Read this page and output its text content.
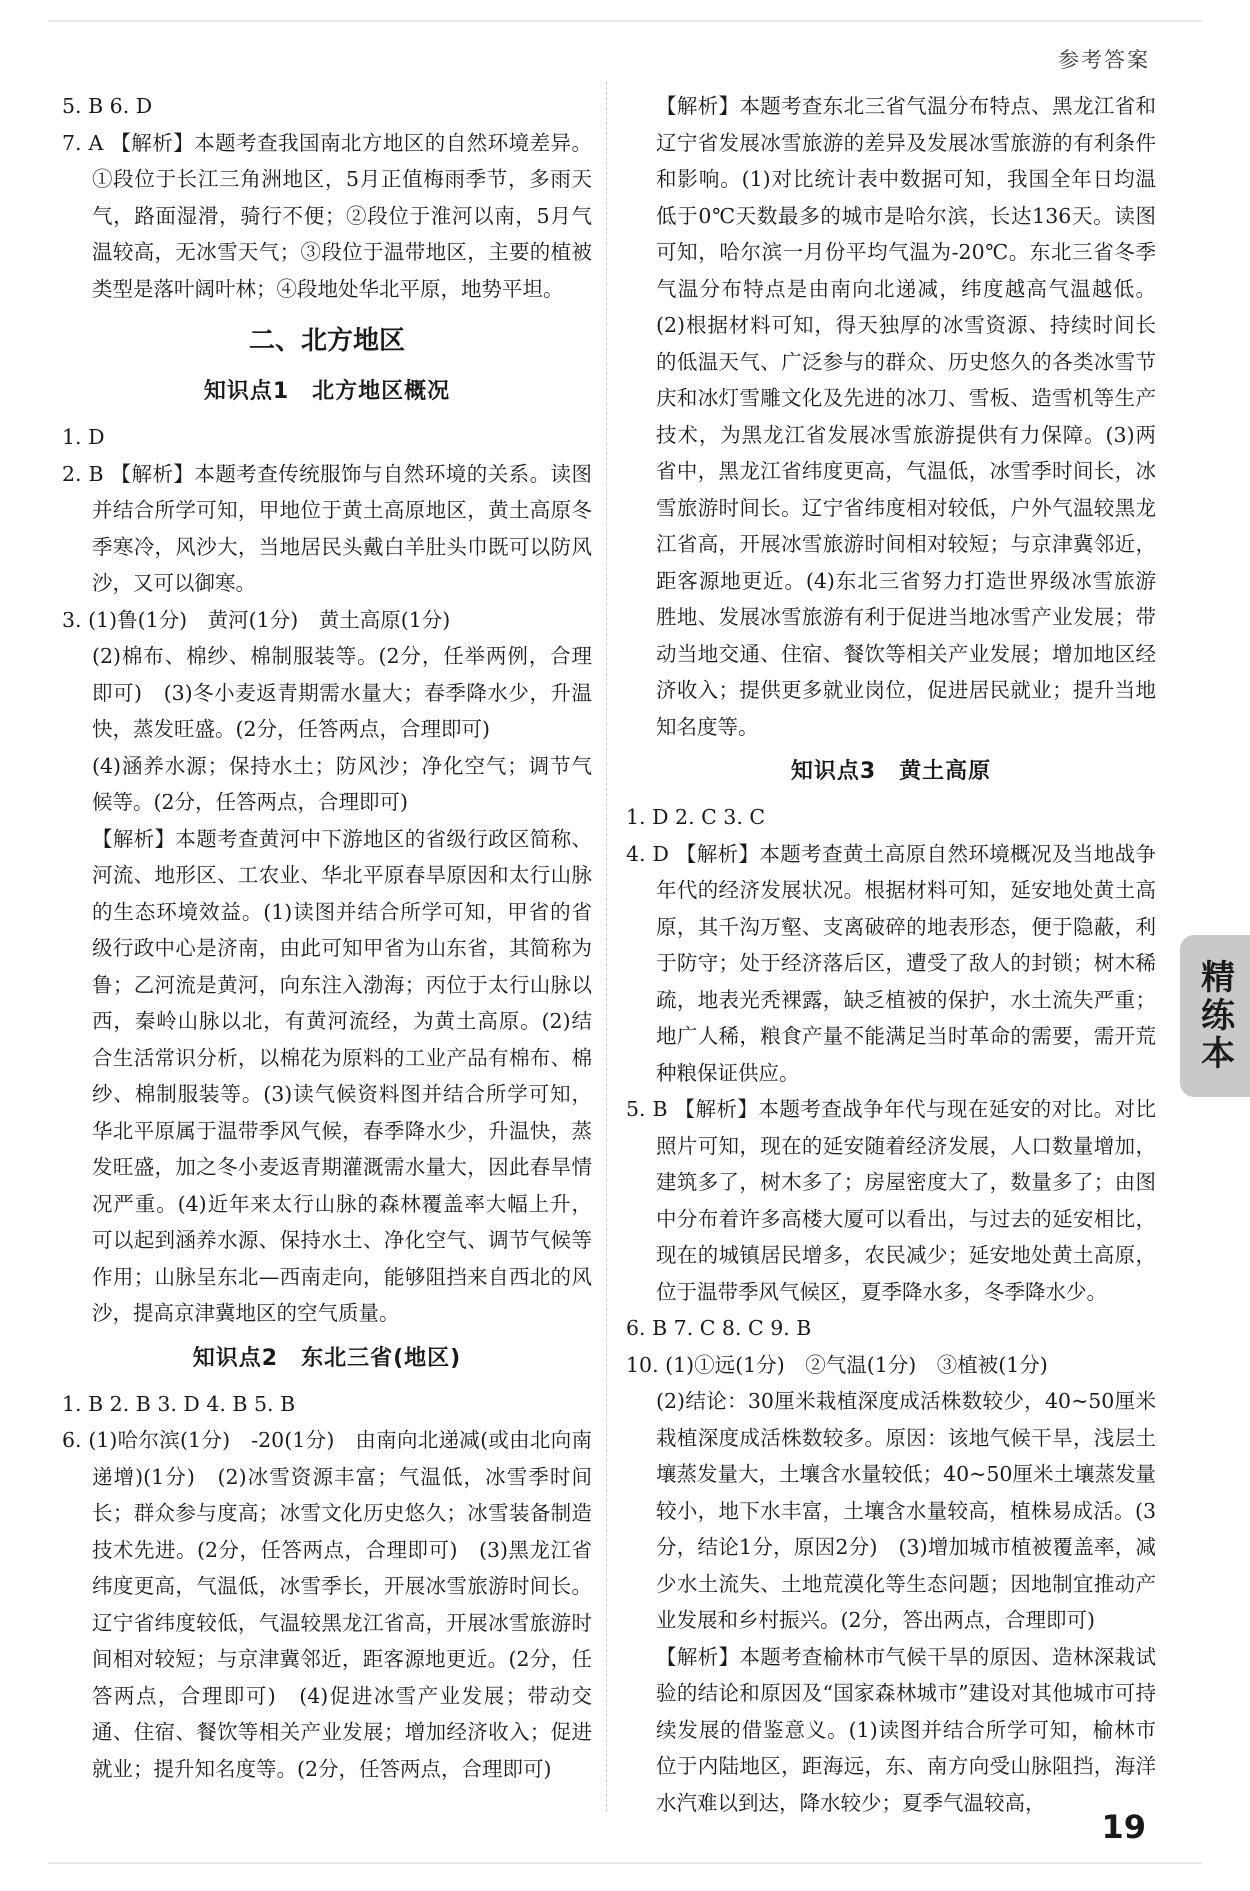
参考答案

5. B 6. D

7. A 【解析】本题考查我国南北方地区的自然环境差异。①段位于长江三角洲地区，5月正值梅雨季节，多雨天气，路面湿滑，骑行不便；②段位于淮河以南，5月气温较高，无冰雪天气；③段位于温带地区，主要的植被类型是落叶阔叶林；④段地处华北平原，地势平坦。

二、北方地区
知识点1　北方地区概况

1. D

2. B 【解析】本题考查传统服饰与自然环境的关系。读图并结合所学可知，甲地位于黄土高原地区，黄土高原冬季寒冷，风沙大，当地居民头戴白羊肚头巾既可以防风沙，又可以御寒。

3. (1)鲁(1分)　黄河(1分)　黄土高原(1分)

(2)棉布、棉纱、棉制服装等。(2分，任举两例，合理即可)　(3)冬小麦返青期需水量大；春季降水少，升温快，蒸发旺盛。(2分，任答两点，合理即可)

(4)涵养水源；保持水土；防风沙；净化空气；调节气候等。(2分，任答两点，合理即可)

【解析】本题考查黄河中下游地区的省级行政区简称、河流、地形区、工农业、华北平原春旱原因和太行山脉的生态环境效益。(1)读图并结合所学可知，甲省的省级行政中心是济南，由此可知甲省为山东省，其简称为鲁；乙河流是黄河，向东注入渤海；丙位于太行山脉以西，秦岭山脉以北，有黄河流经，为黄土高原。(2)结合生活常识分析，以棉花为原料的工业产品有棉布、棉纱、棉制服装等。(3)读气候资料图并结合所学可知，华北平原属于温带季风气候，春季降水少，升温快，蒸发旺盛，加之冬小麦返青期灌溉需水量大，因此春旱情况严重。(4)近年来太行山脉的森林覆盖率大幅上升，可以起到涵养水源、保持水土、净化空气、调节气候等作用；山脉呈东北—西南走向，能够阻挡来自西北的风沙，提高京津冀地区的空气质量。

知识点2　东北三省(地区)

1. B 2. B 3. D 4. B 5. B

6. (1)哈尔滨(1分)　-20(1分)　由南向北递减(或由北向南递增)(1分)　(2)冰雪资源丰富；气温低，冰雪季时间长；群众参与度高；冰雪文化历史悠久；冰雪装备制造技术先进。(2分，任答两点，合理即可)　(3)黑龙江省纬度更高，气温低，冰雪季长，开展冰雪旅游时间长。辽宁省纬度较低，气温较黑龙江省高，开展冰雪旅游时间相对较短；与京津冀邻近，距客源地更近。(2分，任答两点，合理即可)　(4)促进冰雪产业发展；带动交通、住宿、餐饮等相关产业发展；增加经济收入；促进就业；提升知名度等。(2分，任答两点，合理即可)

【解析】本题考查东北三省气温分布特点、黑龙江省和辽宁省发展冰雪旅游的差异及发展冰雪旅游的有利条件和影响。(1)对比统计表中数据可知，我国全年日均温低于0℃天数最多的城市是哈尔滨，长达136天。读图可知，哈尔滨一月份平均气温为-20℃。东北三省冬季气温分布特点是由南向北递减，纬度越高气温越低。(2)根据材料可知，得天独厚的冰雪资源、持续时间长的低温天气、广泛参与的群众、历史悠久的各类冰雪节庆和冰灯雪雕文化及先进的冰刀、雪板、造雪机等生产技术，为黑龙江省发展冰雪旅游提供有力保障。(3)两省中，黑龙江省纬度更高，气温低，冰雪季时间长，冰雪旅游时间长。辽宁省纬度相对较低，户外气温较黑龙江省高，开展冰雪旅游时间相对较短；与京津冀邻近，距客源地更近。(4)东北三省努力打造世界级冰雪旅游胜地、发展冰雪旅游有利于促进当地冰雪产业发展；带动当地交通、住宿、餐饮等相关产业发展；增加地区经济收入；提供更多就业岗位，促进居民就业；提升当地知名度等。

知识点3　黄土高原

1. D 2. C 3. C

4. D 【解析】本题考查黄土高原自然环境概况及当地战争年代的经济发展状况。根据材料可知，延安地处黄土高原，其千沟万壑、支离破碎的地表形态，便于隐蔽，利于防守；处于经济落后区，遭受了敌人的封锁；树木稀疏，地表光秃裸露，缺乏植被的保护，水土流失严重；地广人稀，粮食产量不能满足当时革命的需要，需开荒种粮保证供应。

5. B 【解析】本题考查战争年代与现在延安的对比。对比照片可知，现在的延安随着经济发展，人口数量增加，建筑多了，树木多了；房屋密度大了，数量多了；由图中分布着许多高楼大厦可以看出，与过去的延安相比，现在的城镇居民增多，农民减少；延安地处黄土高原，位于温带季风气候区，夏季降水多，冬季降水少。

6. B 7. C 8. C 9. B

10. (1)①远(1分)　②气温(1分)　③植被(1分)

(2)结论：30厘米栽植深度成活株数较少，40~50厘米栽植深度成活株数较多。原因：该地气候干旱，浅层土壤蒸发量大，土壤含水量较低；40~50厘米土壤蒸发量较小，地下水丰富，土壤含水量较高，植株易成活。(3分，结论1分，原因2分)　(3)增加城市植被覆盖率，减少水土流失、土地荒漠化等生态问题；因地制宜推动产业发展和乡村振兴。(2分，答出两点，合理即可)

【解析】本题考查榆林市气候干旱的原因、造林深栽试验的结论和原因及“国家森林城市”建设对其他城市可持续发展的借鉴意义。(1)读图并结合所学可知，榆林市位于内陆地区，距海远，东、南方向受山脉阻挡，海洋水汽难以到达，降水较少；夏季气温较高，

精练本
19
